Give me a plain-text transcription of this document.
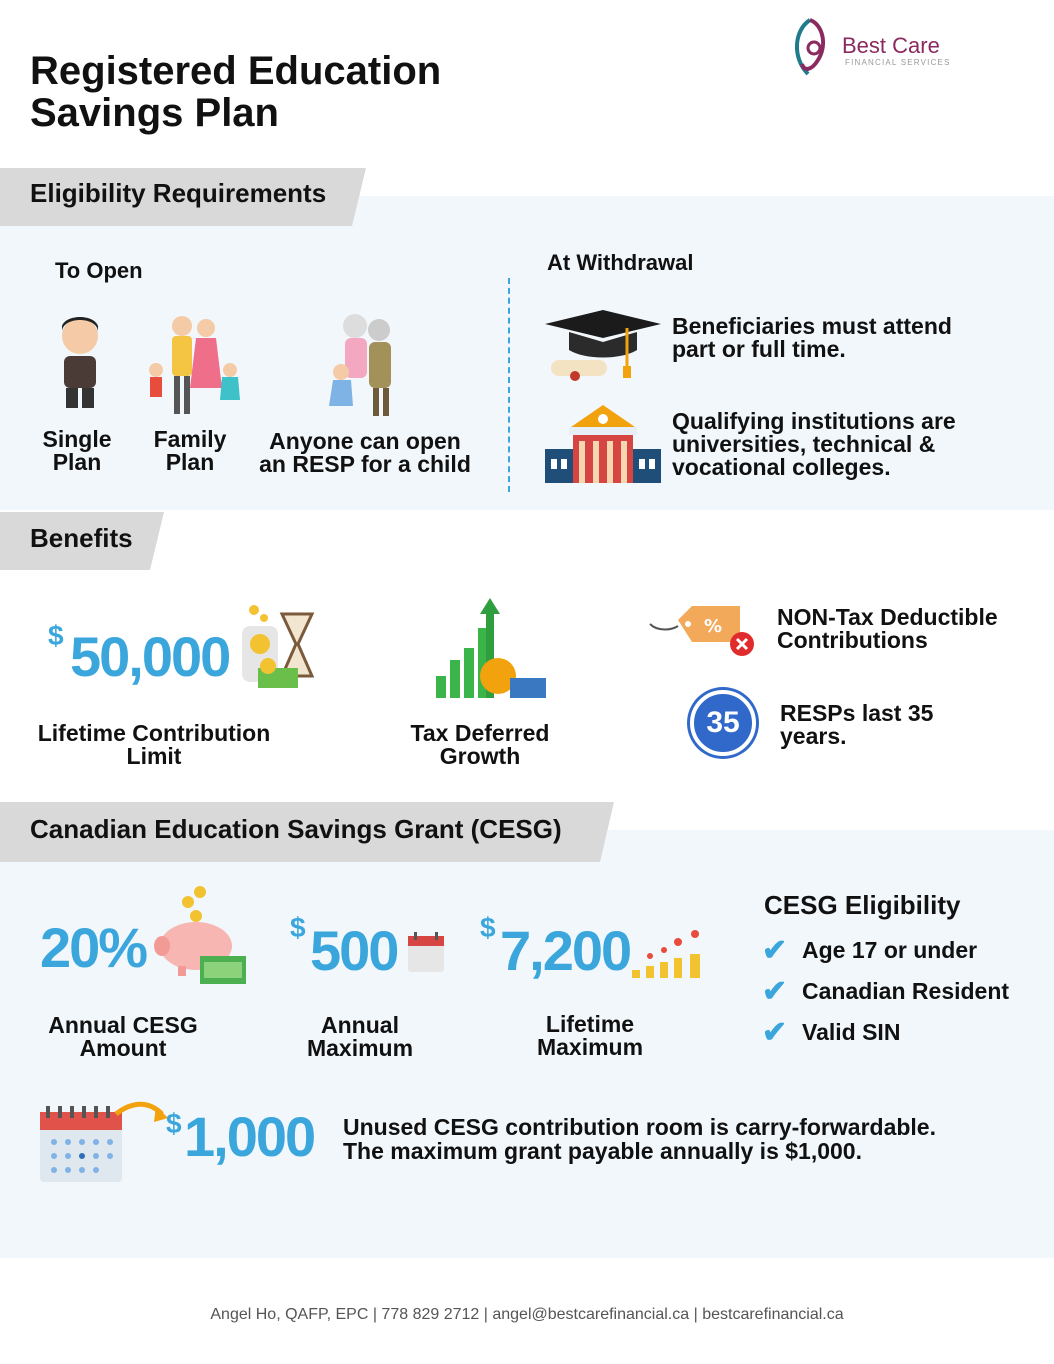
Registered Education
Savings Plan
Best Care
FINANCIAL SERVICES
Eligibility Requirements
To Open
Single
Plan
Family
Plan
Anyone can open
an RESP for a child
At Withdrawal
Beneficiaries must attend
part or full time.
Qualifying institutions are
universities, technical &
vocational colleges.
Benefits
$ 50,000
Lifetime Contribution
Limit
Tax Deferred
Growth
% NON-Tax Deductible
Contributions
35	RESPs last 35
years.
Canadian Education Savings Grant (CESG)
20%
Annual CESG
Amount
$ 500
Annual
Maximum
$ 7,200
Lifetime
Maximum
CESG Eligibility
✔ Age 17 or under
✔ Canadian Resident
✔ Valid SIN
$ 1,000 Unused CESG contribution room is carry-forwardable.
The maximum grant payable annually is $1,000.
Angel Ho, QAFP, EPC | 778 829 2712 | angel@bestcarefinancial.ca | bestcarefinancial.ca
